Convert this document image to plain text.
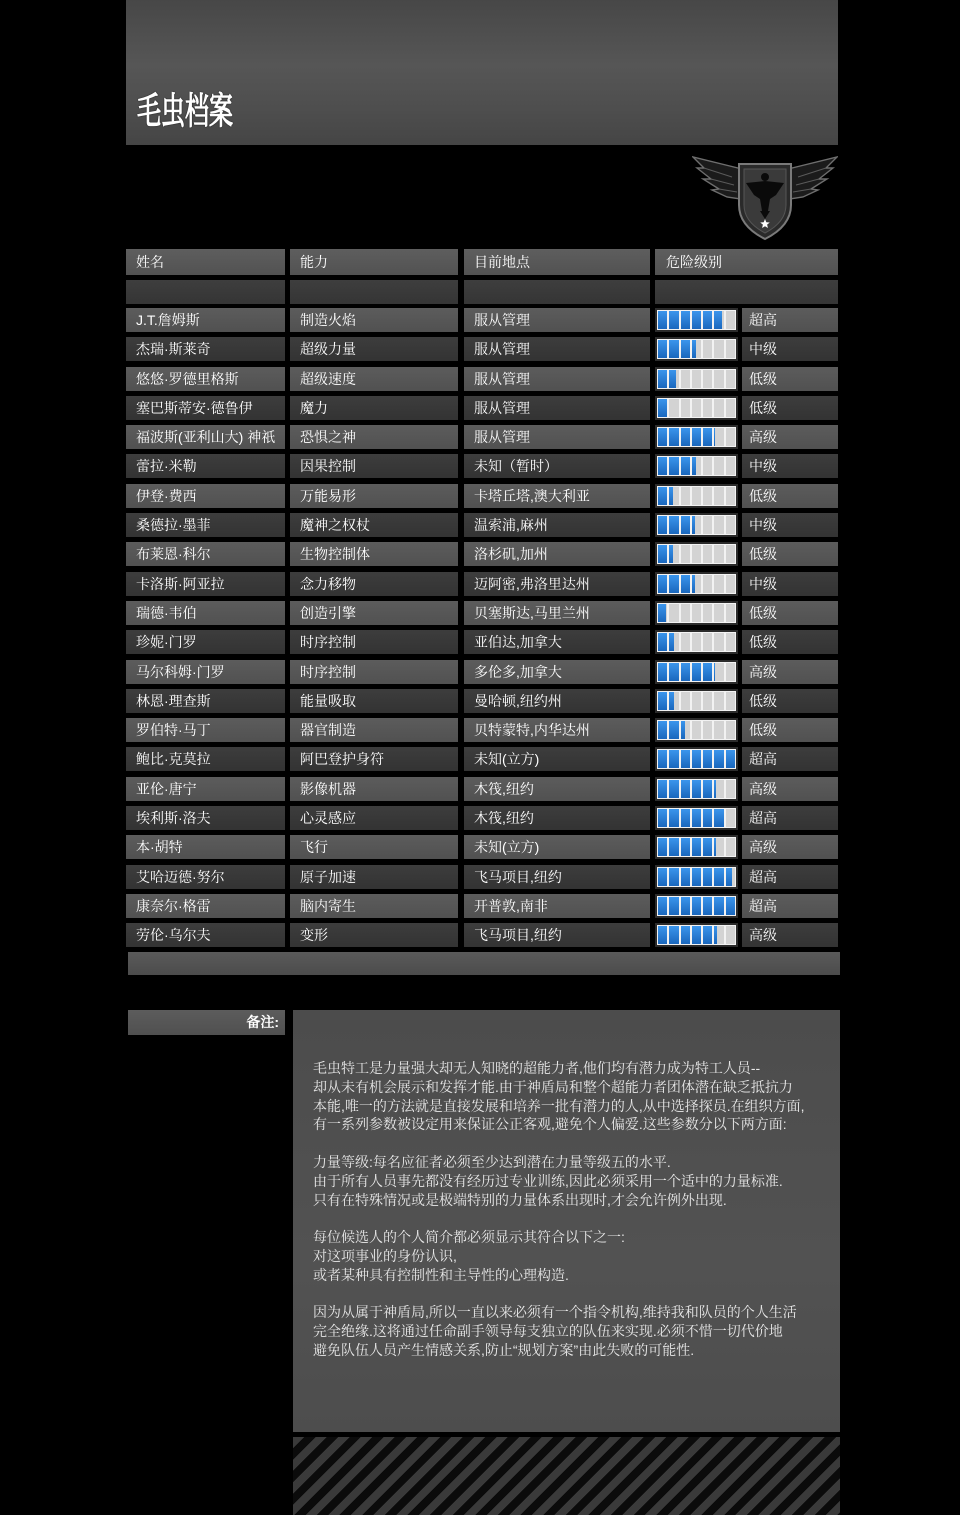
毛虫档案
姓名	能力	目前地点	危险级别
J.T.詹姆斯	制造火焰	服从管理	超高
杰瑞·斯莱奇	超级力量	服从管理	中级
悠悠·罗德里格斯	超级速度	服从管理	低级
塞巴斯蒂安·德鲁伊	魔力	服从管理	低级
福波斯(亚利山大) 神祇	恐惧之神	服从管理	高级
蕾拉·米勒	因果控制	未知（暂时）	中级
伊登·费西	万能易形	卡塔丘塔,澳大利亚	低级
桑德拉·墨菲	魔神之权杖	温索浦,麻州	中级
布莱恩·科尔	生物控制体	洛杉矶,加州	低级
卡洛斯·阿亚拉	念力移物	迈阿密,弗洛里达州	中级
瑞德·韦伯	创造引擎	贝塞斯达,马里兰州	低级
珍妮·门罗	时序控制	亚伯达,加拿大	低级
马尔科姆·门罗	时序控制	多伦多,加拿大	高级
林恩·理查斯	能量吸取	曼哈顿,纽约州	低级
罗伯特·马丁	器官制造	贝特蒙特,内华达州	低级
鲍比·克莫拉	阿巴登护身符	未知(立方)	超高
亚伦·唐宁	影像机器	木筏,纽约	高级
埃利斯·洛夫	心灵感应	木筏,纽约	超高
本·胡特	飞行	未知(立方)	高级
艾哈迈德·努尔	原子加速	飞马项目,纽约	超高
康奈尔·格雷	脑内寄生	开普敦,南非	超高
劳伦·乌尔夫	变形	飞马项目,纽约	高级
备注:

毛虫特工是力量强大却无人知晓的超能力者,他们均有潜力成为特工人员--
却从未有机会展示和发挥才能.由于神盾局和整个超能力者团体潜在缺乏抵抗力
本能,唯一的方法就是直接发展和培养一批有潜力的人,从中选择探员.在组织方面,
有一系列参数被设定用来保证公正客观,避免个人偏爱.这些参数分以下两方面:

力量等级:每名应征者必须至少达到潜在力量等级五的水平.
由于所有人员事先都没有经历过专业训练,因此必须采用一个适中的力量标准.
只有在特殊情况或是极端特别的力量体系出现时,才会允许例外出现.

每位候选人的个人简介都必须显示其符合以下之一:
对这项事业的身份认识,
或者某种具有控制性和主导性的心理构造.

因为从属于神盾局,所以一直以来必须有一个指令机构,维持我和队员的个人生活
完全绝缘.这将通过任命副手领导每支独立的队伍来实现.必须不惜一切代价地
避免队伍人员产生情感关系,防止“规划方案”由此失败的可能性.
